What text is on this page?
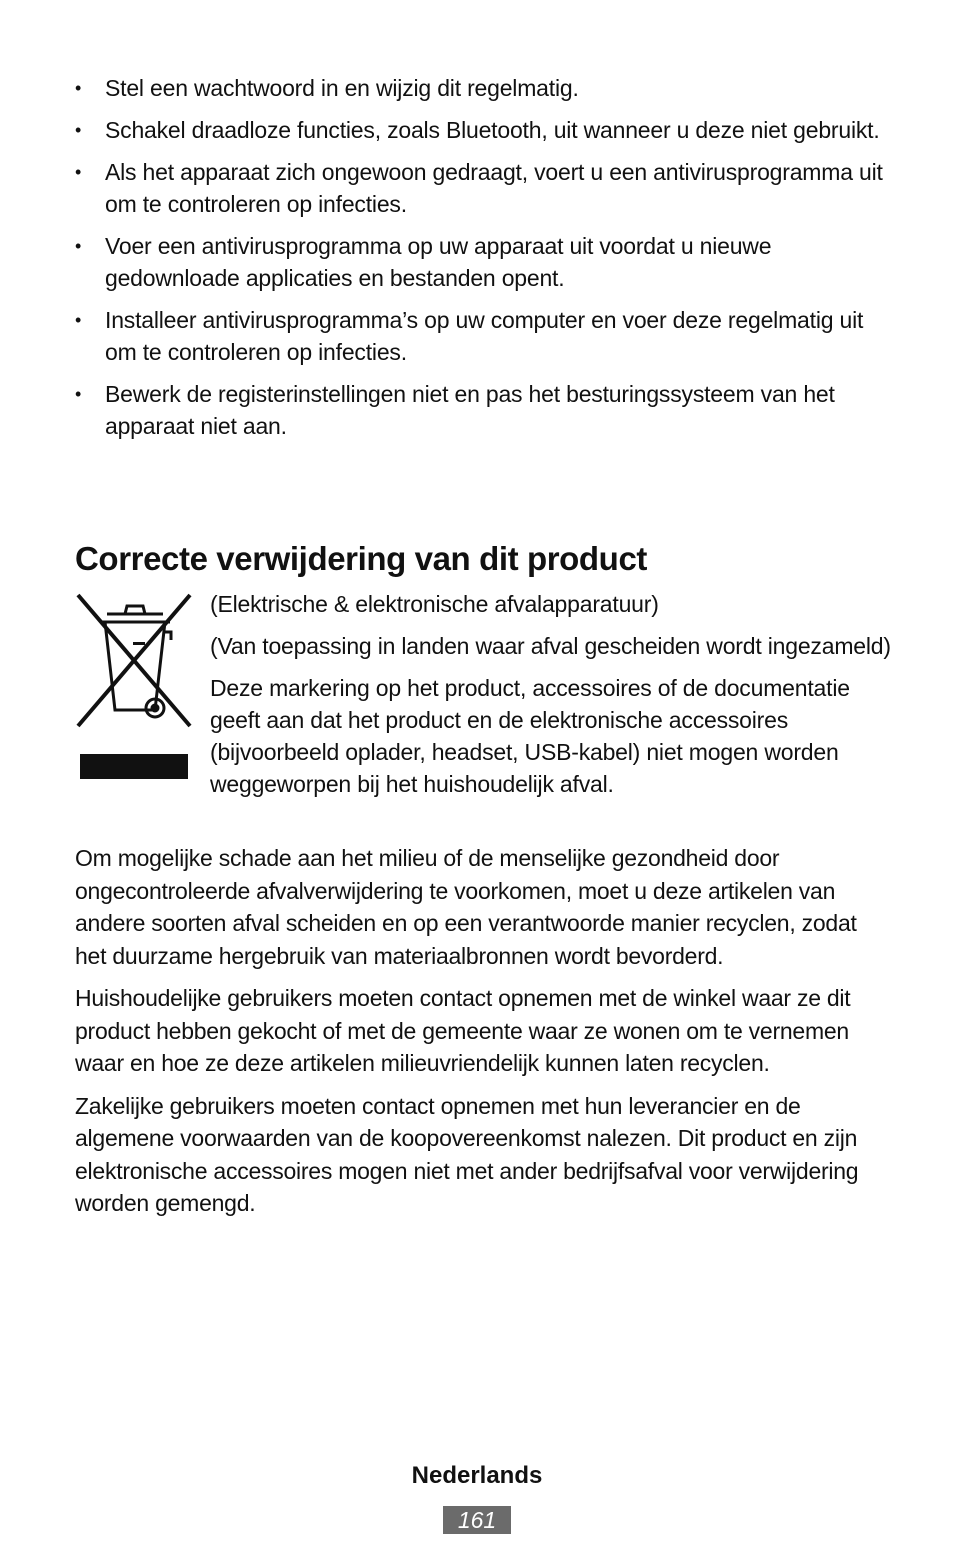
•	Stel een wachtwoord in en wijzig dit regelmatig.
•	Schakel draadloze functies, zoals Bluetooth, uit wanneer u deze niet gebruikt.
•	Als het apparaat zich ongewoon gedraagt, voert u een antivirusprogramma uit om te controleren op infecties.
•	Voer een antivirusprogramma op uw apparaat uit voordat u nieuwe gedownloade applicaties en bestanden opent.
•	Installeer antivirusprogramma’s op uw computer en voer deze regelmatig uit om te controleren op infecties.
•	Bewerk de registerinstellingen niet en pas het besturingssysteem van het apparaat niet aan.
Correcte verwijdering van dit product

(Elektrische & elektronische afvalapparatuur)

(Van toepassing in landen waar afval gescheiden wordt ingezameld)

Deze markering op het product, accessoires of de documentatie geeft aan dat het product en de elektronische accessoires (bijvoorbeeld oplader, headset, USB-kabel) niet mogen worden weggeworpen bij het huishoudelijk afval.

Om mogelijke schade aan het milieu of de menselijke gezondheid door ongecontroleerde afvalverwijdering te voorkomen, moet u deze artikelen van andere soorten afval scheiden en op een verantwoorde manier recyclen, zodat het duurzame hergebruik van materiaalbronnen wordt bevorderd.

Huishoudelijke gebruikers moeten contact opnemen met de winkel waar ze dit product hebben gekocht of met de gemeente waar ze wonen om te vernemen waar en hoe ze deze artikelen milieuvriendelijk kunnen laten recyclen.

Zakelijke gebruikers moeten contact opnemen met hun leverancier en de algemene voorwaarden van de koopovereenkomst nalezen. Dit product en zijn elektronische accessoires mogen niet met ander bedrijfsafval voor verwijdering worden gemengd.

Nederlands
161
